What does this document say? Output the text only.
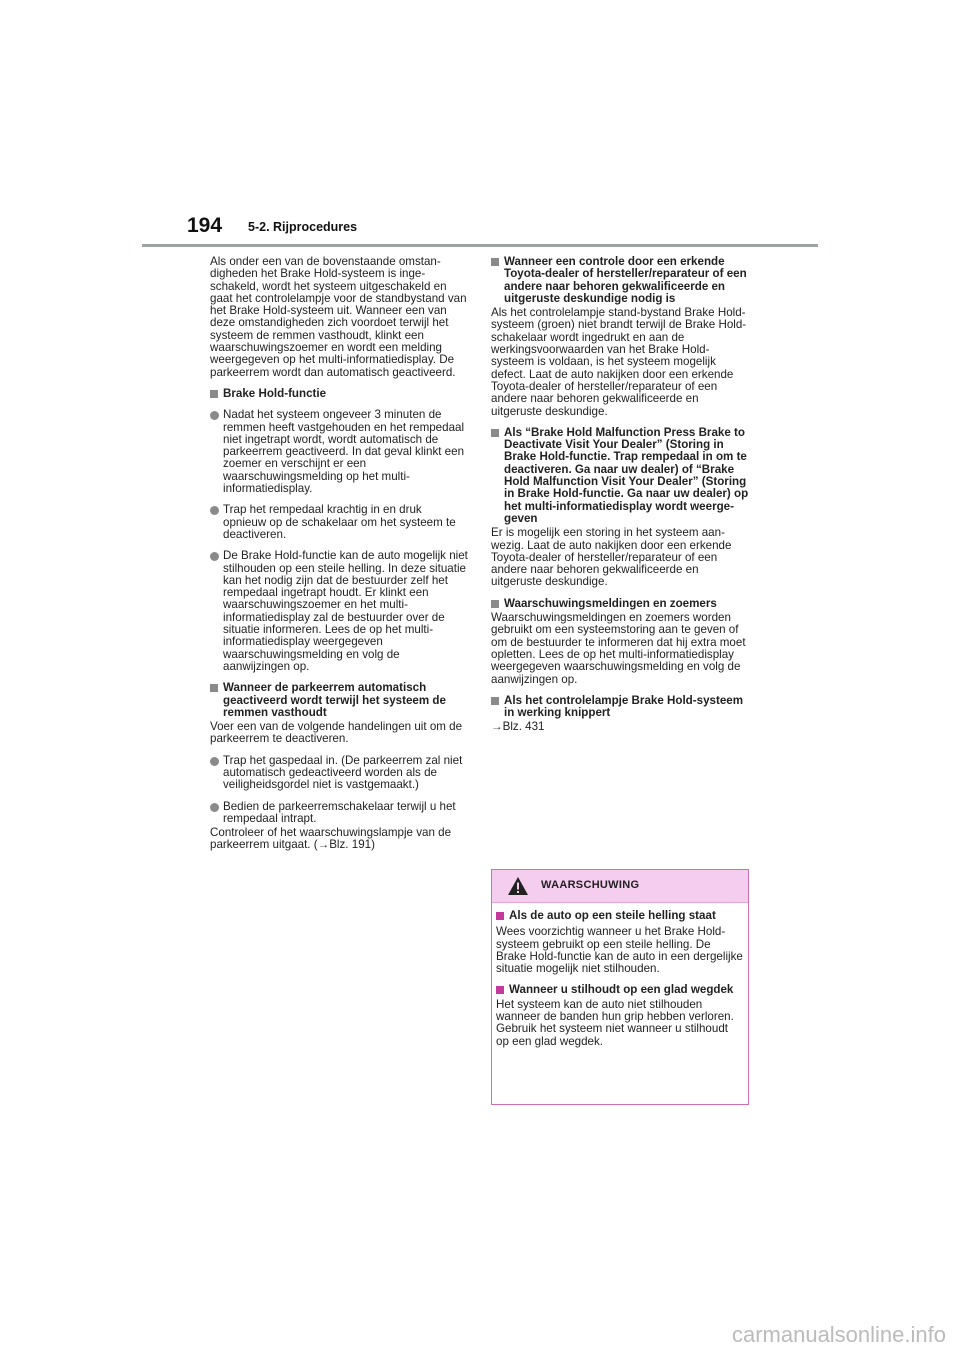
194 5-2. Rijprocedures

Als onder een van de bovenstaande omstandigheden het Brake Hold-systeem is ingeschakeld, wordt het systeem uitgeschakeld en gaat het controlelampje voor de standbystand van het Brake Hold-systeem uit. Wanneer een van deze omstandigheden zich voordoet terwijl het systeem de remmen vasthoudt, klinkt een waarschuwingszoemer en wordt een melding weergegeven op het multi-informatiedisplay. De parkeerrem wordt dan automatisch geactiveerd.

Brake Hold-functie
Nadat het systeem ongeveer 3 minuten de remmen heeft vastgehouden en het rempedaal niet ingetrapt wordt, wordt automatisch de parkeerrem geactiveerd. In dat geval klinkt een zoemer en verschijnt er een waarschuwingsmelding op het multi-informatiedisplay.
Trap het rempedaal krachtig in en druk opnieuw op de schakelaar om het systeem te deactiveren.
De Brake Hold-functie kan de auto mogelijk niet stilhouden op een steile helling. In deze situatie kan het nodig zijn dat de bestuurder zelf het rempedaal ingetrapt houdt. Er klinkt een waarschuwingszoemer en het multi-informatiedisplay zal de bestuurder over de situatie informeren. Lees de op het multi-informatiedisplay weergegeven waarschuwingsmelding en volg de aanwijzingen op.
Wanneer de parkeerrem automatisch geactiveerd wordt terwijl het systeem de remmen vasthoudt

Voer een van de volgende handelingen uit om de parkeerrem te deactiveren.

Trap het gaspedaal in. (De parkeerrem zal niet automatisch gedeactiveerd worden als de veiligheidsgordel niet is vastgemaakt.)
Bedien de parkeerremschakelaar terwijl u het rempedaal intrapt.

Controleer of het waarschuwingslampje van de parkeerrem uitgaat. (→Blz. 191)

Wanneer een controle door een erkende Toyota-dealer of hersteller/reparateur of een andere naar behoren gekwalificeerde en uitgeruste deskundige nodig is

Als het controlelampje stand-bystand Brake Hold-systeem (groen) niet brandt terwijl de Brake Hold-schakelaar wordt ingedrukt en aan de werkingsvoorwaarden van het Brake Hold-systeem is voldaan, is het systeem mogelijk defect. Laat de auto nakijken door een erkende Toyota-dealer of hersteller/reparateur of een andere naar behoren gekwalificeerde en uitgeruste deskundige.

Als “Brake Hold Malfunction Press Brake to Deactivate Visit Your Dealer” (Storing in Brake Hold-functie. Trap rempedaal in om te deactiveren. Ga naar uw dealer) of “Brake Hold Malfunction Visit Your Dealer” (Storing in Brake Hold-functie. Ga naar uw dealer) op het multi-informatiedisplay wordt weergegeven

Er is mogelijk een storing in het systeem aanwezig. Laat de auto nakijken door een erkende Toyota-dealer of hersteller/reparateur of een andere naar behoren gekwalificeerde en uitgeruste deskundige.

Waarschuwingsmeldingen en zoemers

Waarschuwingsmeldingen en zoemers worden gebruikt om een systeemstoring aan te geven of om de bestuurder te informeren dat hij extra moet opletten. Lees de op het multi-informatiedisplay weergegeven waarschuwingsmelding en volg de aanwijzingen op.

Als het controlelampje Brake Hold-systeem in werking knippert

→Blz. 431

WAARSCHUWING
Als de auto op een steile helling staat

Wees voorzichtig wanneer u het Brake Hold-systeem gebruikt op een steile helling. De Brake Hold-functie kan de auto in een dergelijke situatie mogelijk niet stilhouden.

Wanneer u stilhoudt op een glad wegdek

Het systeem kan de auto niet stilhouden wanneer de banden hun grip hebben verloren. Gebruik het systeem niet wanneer u stilhoudt op een glad wegdek.

carmanualsonline.info
